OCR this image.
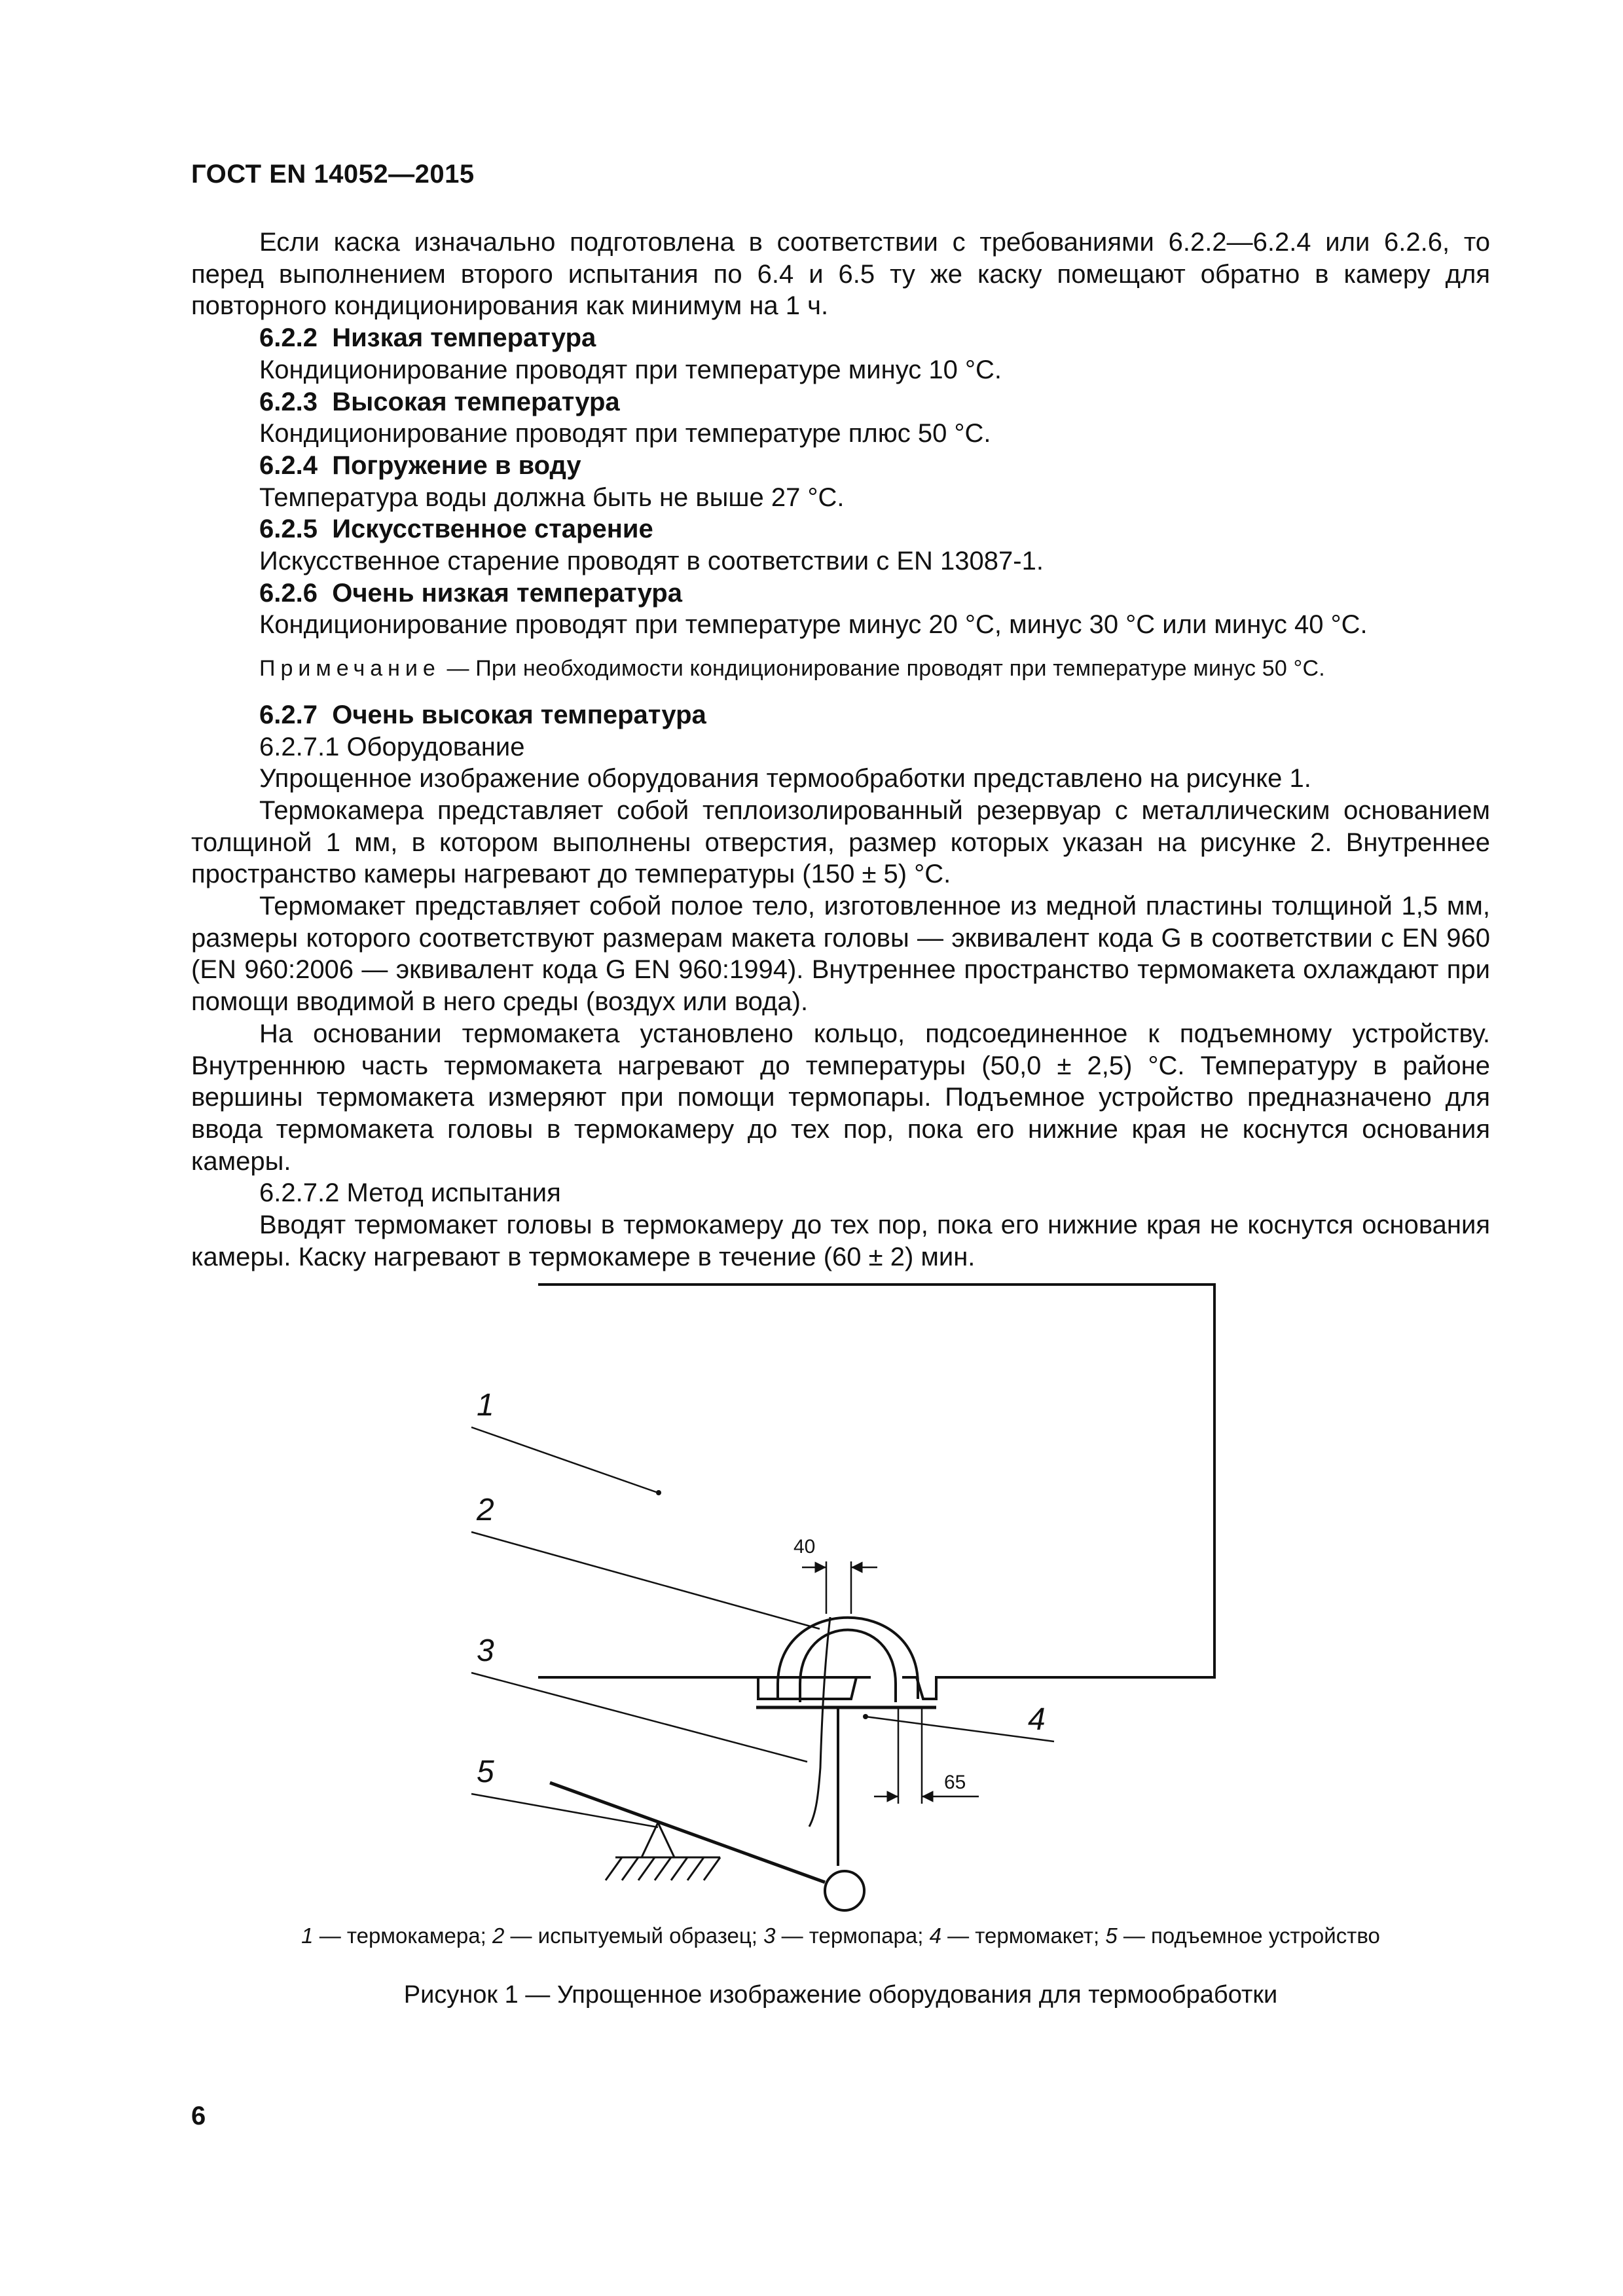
ГОСТ EN 14052—2015

Если каска изначально подготовлена в соответствии с требованиями 6.2.2—6.2.4 или 6.2.6, то перед выполнением второго испытания по 6.4 и 6.5 ту же каску помещают обратно в камеру для повторного кондиционирования как минимум на 1 ч.

6.2.2 Низкая температура

Кондиционирование проводят при температуре минус 10 °С.

6.2.3 Высокая температура

Кондиционирование проводят при температуре плюс 50 °С.

6.2.4 Погружение в воду

Температура воды должна быть не выше 27 °С.

6.2.5 Искусственное старение

Искусственное старение проводят в соответствии с EN 13087-1.

6.2.6 Очень низкая температура

Кондиционирование проводят при температуре минус 20 °С, минус 30 °С или минус 40 °С.

Примечание — При необходимости кондиционирование проводят при температуре минус 50 °С.

6.2.7 Очень высокая температура

6.2.7.1 Оборудование

Упрощенное изображение оборудования термообработки представлено на рисунке 1.

Термокамера представляет собой теплоизолированный резервуар с металлическим основанием толщиной 1 мм, в котором выполнены отверстия, размер которых указан на рисунке 2. Внутреннее пространство камеры нагревают до температуры (150 ± 5) °С.

Термомакет представляет собой полое тело, изготовленное из медной пластины толщиной 1,5 мм, размеры которого соответствуют размерам макета головы — эквивалент кода G в соответствии с EN 960 (EN 960:2006 — эквивалент кода G EN 960:1994). Внутреннее пространство термомакета охлаждают при помощи вводимой в него среды (воздух или вода).

На основании термомакета установлено кольцо, подсоединенное к подъемному устройству. Внутреннюю часть термомакета нагревают до температуры (50,0 ± 2,5) °С. Температуру в районе вершины термомакета измеряют при помощи термопары. Подъемное устройство предназначено для ввода термомакета головы в термокамеру до тех пор, пока его нижние края не коснутся основания камеры.

6.2.7.2 Метод испытания

Вводят термомакет головы в термокамеру до тех пор, пока его нижние края не коснутся основания камеры. Каску нагревают в термокамере в течение (60 ± 2) мин.

1
2
3
4
5
40
65
1 — термокамера; 2 — испытуемый образец; 3 — термопара; 4 — термомакет; 5 — подъемное устройство
Рисунок 1 — Упрощенное изображение оборудования для термообработки
6
